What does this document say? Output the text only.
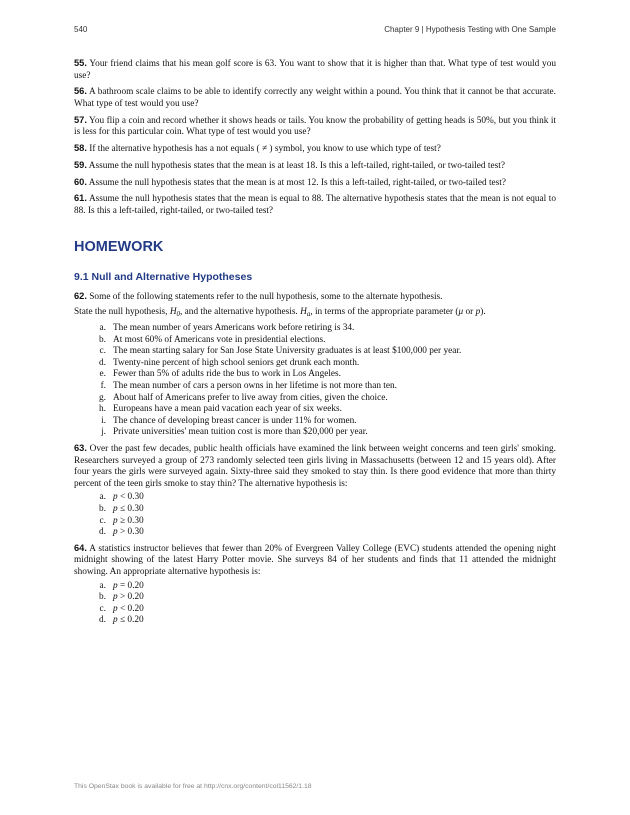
540	Chapter 9 | Hypothesis Testing with One Sample

55. Your friend claims that his mean golf score is 63. You want to show that it is higher than that. What type of test would you use?

56. A bathroom scale claims to be able to identify correctly any weight within a pound. You think that it cannot be that accurate. What type of test would you use?

57. You flip a coin and record whether it shows heads or tails. You know the probability of getting heads is 50%, but you think it is less for this particular coin. What type of test would you use?

58. If the alternative hypothesis has a not equals ( ≠ ) symbol, you know to use which type of test?

59. Assume the null hypothesis states that the mean is at least 18. Is this a left-tailed, right-tailed, or two-tailed test?

60. Assume the null hypothesis states that the mean is at most 12. Is this a left-tailed, right-tailed, or two-tailed test?

61. Assume the null hypothesis states that the mean is equal to 88. The alternative hypothesis states that the mean is not equal to 88. Is this a left-tailed, right-tailed, or two-tailed test?

HOMEWORK
9.1 Null and Alternative Hypotheses

62. Some of the following statements refer to the null hypothesis, some to the alternate hypothesis.

State the null hypothesis, $H_0$, and the alternative hypothesis. $H_a$, in terms of the appropriate parameter (μ or p).

a. The mean number of years Americans work before retiring is 34.
b. At most 60% of Americans vote in presidential elections.
c. The mean starting salary for San Jose State University graduates is at least $100,000 per year.
d. Twenty-nine percent of high school seniors get drunk each month.
e. Fewer than 5% of adults ride the bus to work in Los Angeles.
f. The mean number of cars a person owns in her lifetime is not more than ten.
g. About half of Americans prefer to live away from cities, given the choice.
h. Europeans have a mean paid vacation each year of six weeks.
i. The chance of developing breast cancer is under 11% for women.
j. Private universities' mean tuition cost is more than $20,000 per year.

63. Over the past few decades, public health officials have examined the link between weight concerns and teen girls' smoking. Researchers surveyed a group of 273 randomly selected teen girls living in Massachusetts (between 12 and 15 years old). After four years the girls were surveyed again. Sixty-three said they smoked to stay thin. Is there good evidence that more than thirty percent of the teen girls smoke to stay thin? The alternative hypothesis is:

a. p < 0.30
b. p ≤ 0.30
c. p ≥ 0.30
d. p > 0.30

64. A statistics instructor believes that fewer than 20% of Evergreen Valley College (EVC) students attended the opening night midnight showing of the latest Harry Potter movie. She surveys 84 of her students and finds that 11 attended the midnight showing. An appropriate alternative hypothesis is:

a. p = 0.20
b. p > 0.20
c. p < 0.20
d. p ≤ 0.20
This OpenStax book is available for free at http://cnx.org/content/col11562/1.18
